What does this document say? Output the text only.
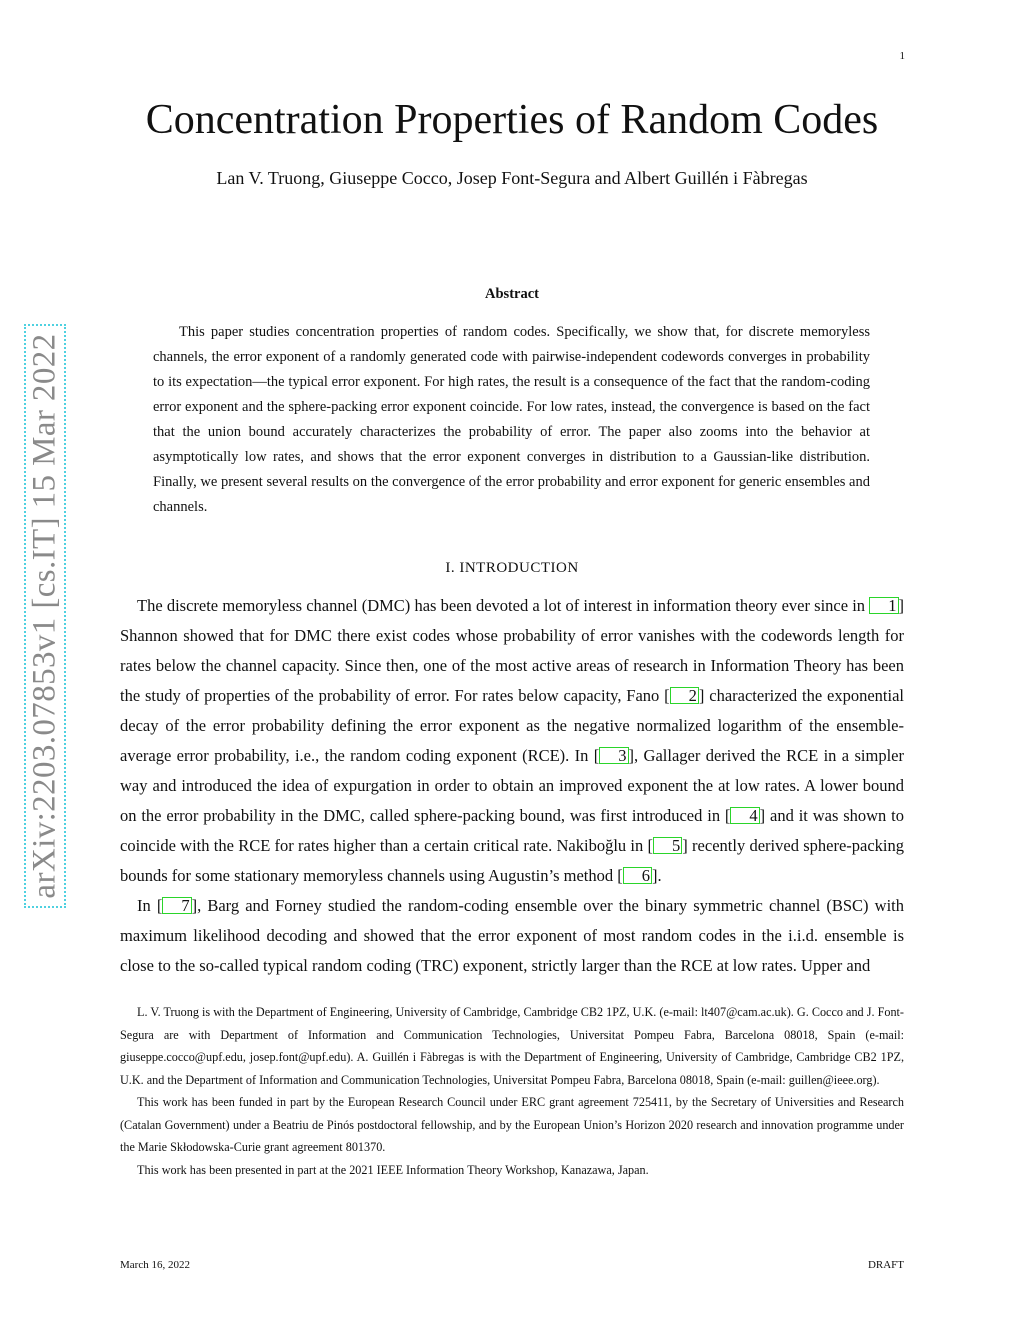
1
arXiv:2203.07853v1 [cs.IT] 15 Mar 2022
Concentration Properties of Random Codes
Lan V. Truong, Giuseppe Cocco, Josep Font-Segura and Albert Guillén i Fàbregas
Abstract

This paper studies concentration properties of random codes. Specifically, we show that, for discrete memoryless channels, the error exponent of a randomly generated code with pairwise-independent codewords converges in probability to its expectation—the typical error exponent. For high rates, the result is a consequence of the fact that the random-coding error exponent and the sphere-packing error exponent coincide. For low rates, instead, the convergence is based on the fact that the union bound accurately characterizes the probability of error. The paper also zooms into the behavior at asymptotically low rates, and shows that the error exponent converges in distribution to a Gaussian-like distribution. Finally, we present several results on the convergence of the error probability and error exponent for generic ensembles and channels.

I. INTRODUCTION

The discrete memoryless channel (DMC) has been devoted a lot of interest in information theory ever since in 1 ] Shannon showed that for DMC there exist codes whose probability of error vanishes with the codewords length for rates below the channel capacity. Since then, one of the most active areas of research in Information Theory has been the study of properties of the probability of error. For rates below capacity, Fano [ 2 ] characterized the exponential decay of the error probability defining the error exponent as the negative normalized logarithm of the ensemble-average error probability, i.e., the random coding exponent (RCE). In [ 3 ], Gallager derived the RCE in a simpler way and introduced the idea of expurgation in order to obtain an improved exponent the at low rates. A lower bound on the error probability in the DMC, called sphere-packing bound, was first introduced in [ 4 ] and it was shown to coincide with the RCE for rates higher than a certain critical rate. Nakiboğlu in [ 5 ] recently derived sphere-packing bounds for some stationary memoryless channels using Augustin’s method [ 6 ].

In [ 7 ], Barg and Forney studied the random-coding ensemble over the binary symmetric channel (BSC) with maximum likelihood decoding and showed that the error exponent of most random codes in the i.i.d. ensemble is close to the so-called typical random coding (TRC) exponent, strictly larger than the RCE at low rates. Upper and

L. V. Truong is with the Department of Engineering, University of Cambridge, Cambridge CB2 1PZ, U.K. (e-mail: lt407@cam.ac.uk). G. Cocco and J. Font-Segura are with Department of Information and Communication Technologies, Universitat Pompeu Fabra, Barcelona 08018, Spain (e-mail: giuseppe.cocco@upf.edu, josep.font@upf.edu). A. Guillén i Fàbregas is with the Department of Engineering, University of Cambridge, Cambridge CB2 1PZ, U.K. and the Department of Information and Communication Technologies, Universitat Pompeu Fabra, Barcelona 08018, Spain (e-mail: guillen@ieee.org).

This work has been funded in part by the European Research Council under ERC grant agreement 725411, by the Secretary of Universities and Research (Catalan Government) under a Beatriu de Pinós postdoctoral fellowship, and by the European Union’s Horizon 2020 research and innovation programme under the Marie Skłodowska-Curie grant agreement 801370.

This work has been presented in part at the 2021 IEEE Information Theory Workshop, Kanazawa, Japan.

March 16, 2022	DRAFT
